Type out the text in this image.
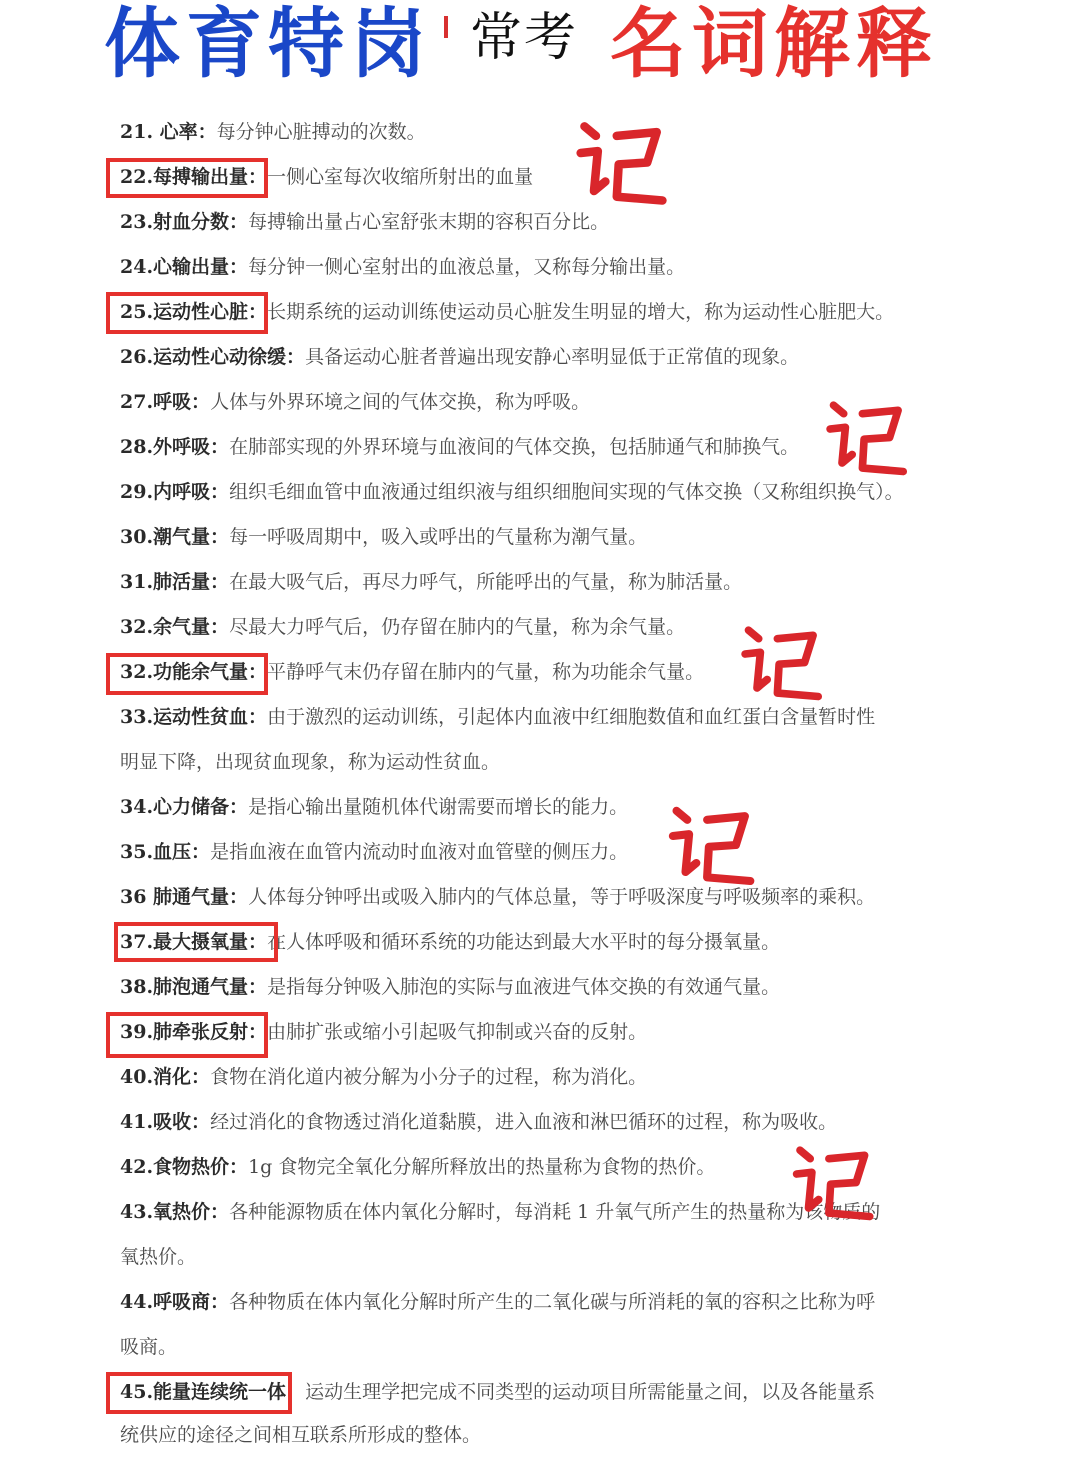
体育特岗 常考 名词解释
21. 心率：每分钟心脏搏动的次数。
22.每搏输出量：一侧心室每次收缩所射出的血量
23.射血分数：每搏输出量占心室舒张末期的容积百分比。
24.心输出量：每分钟一侧心室射出的血液总量，又称每分输出量。
25.运动性心脏：长期系统的运动训练使运动员心脏发生明显的增大，称为运动性心脏肥大。
26.运动性心动徐缓：具备运动心脏者普遍出现安静心率明显低于正常值的现象。
27.呼吸：人体与外界环境之间的气体交换，称为呼吸。
28.外呼吸：在肺部实现的外界环境与血液间的气体交换，包括肺通气和肺换气。
29.内呼吸：组织毛细血管中血液通过组织液与组织细胞间实现的气体交换（又称组织换气）。
30.潮气量：每一呼吸周期中，吸入或呼出的气量称为潮气量。
31.肺活量：在最大吸气后，再尽力呼气，所能呼出的气量，称为肺活量。
32.余气量：尽最大力呼气后，仍存留在肺内的气量，称为余气量。
32.功能余气量：平静呼气末仍存留在肺内的气量，称为功能余气量。
33.运动性贫血：由于激烈的运动训练，引起体内血液中红细胞数值和血红蛋白含量暂时性
明显下降，出现贫血现象，称为运动性贫血。
34.心力储备：是指心输出量随机体代谢需要而增长的能力。
35.血压：是指血液在血管内流动时血液对血管壁的侧压力。
36 肺通气量：人体每分钟呼出或吸入肺内的气体总量，等于呼吸深度与呼吸频率的乘积。
37.最大摄氧量：在人体呼吸和循环系统的功能达到最大水平时的每分摄氧量。
38.肺泡通气量：是指每分钟吸入肺泡的实际与血液进气体交换的有效通气量。
39.肺牵张反射：由肺扩张或缩小引起吸气抑制或兴奋的反射。
40.消化：食物在消化道内被分解为小分子的过程，称为消化。
41.吸收：经过消化的食物透过消化道黏膜，进入血液和淋巴循环的过程，称为吸收。
42.食物热价：1g 食物完全氧化分解所释放出的热量称为食物的热价。
43.氧热价：各种能源物质在体内氧化分解时，每消耗 1 升氧气所产生的热量称为该物质的
氧热价。
44.呼吸商：各种物质在体内氧化分解时所产生的二氧化碳与所消耗的氧的容积之比称为呼
吸商。
45.能量连续统一体：运动生理学把完成不同类型的运动项目所需能量之间，以及各能量系
统供应的途径之间相互联系所形成的整体。
